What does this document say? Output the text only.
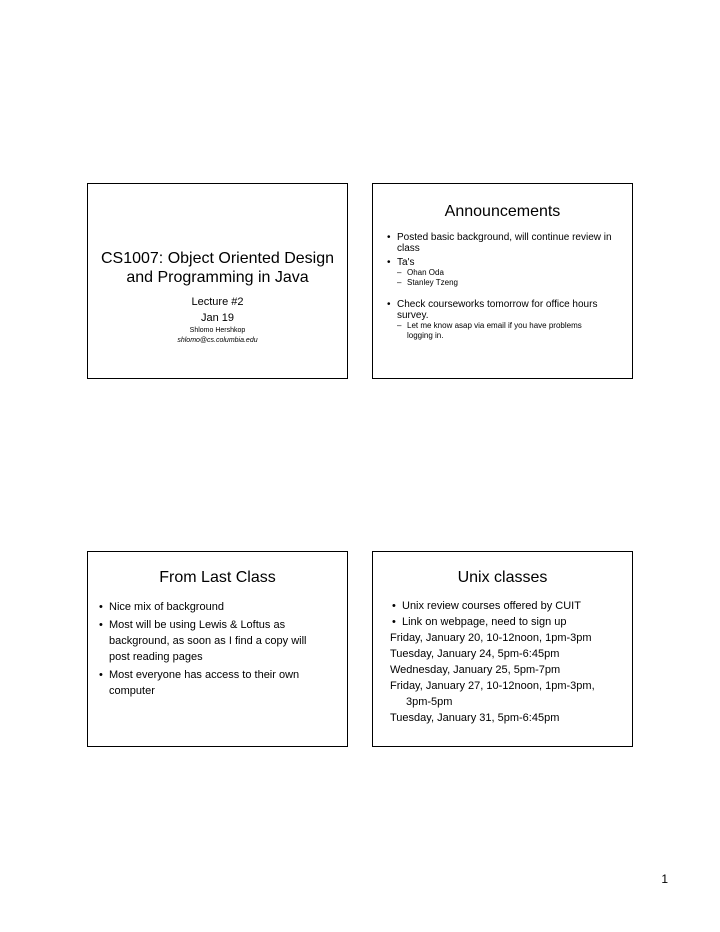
CS1007: Object Oriented Design
and Programming in Java
Lecture #2
Jan 19
Shlomo Hershkop
shlomo@cs.columbia.edu
Announcements
• Posted basic background, will continue review in
class
• Ta's
– Ohan Oda
– Stanley Tzeng
• Check courseworks tomorrow for office hours
survey.
– Let me know asap via email if you have problems
logging in.
From Last Class
• Nice mix of background
• Most will be using Lewis & Loftus as
background, as soon as I find a copy will
post reading pages
• Most everyone has access to their own
computer
Unix classes
• Unix review courses offered by CUIT
• Link on webpage, need to sign up
Friday, January 20, 10-12noon, 1pm-3pm
Tuesday, January 24, 5pm-6:45pm
Wednesday, January 25, 5pm-7pm
Friday, January 27, 10-12noon, 1pm-3pm,
3pm-5pm
Tuesday, January 31, 5pm-6:45pm
1
